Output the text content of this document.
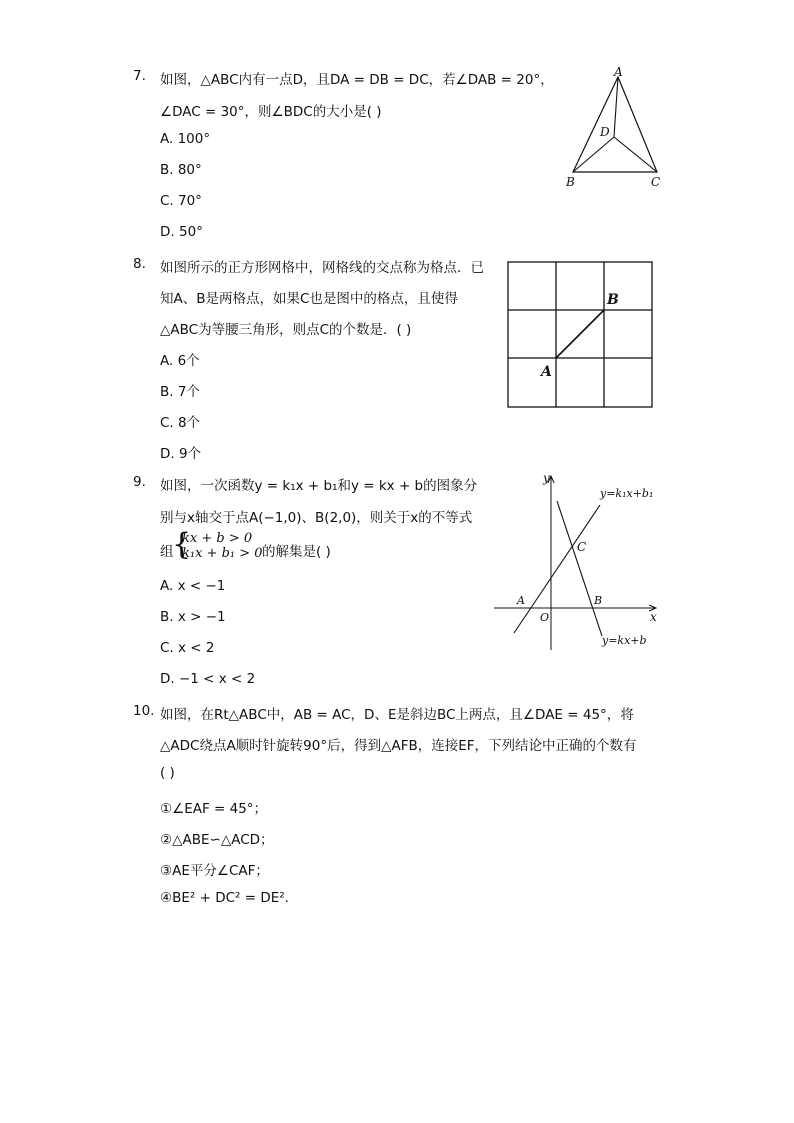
7. 如图，△ABC内有一点D，且DA = DB = DC，若∠DAB = 20°，
∠DAC = 30°，则∠BDC的大小是( )
A. 100°
B. 80°
C. 70°
D. 50°
A
D
B	C
8. 如图所示的正方形网格中，网格线的交点称为格点．已
知A、B是两格点，如果C也是图中的格点，且使得
△ABC为等腰三角形，则点C的个数是．( )
A. 6个
B. 7个
C. 8个
D. 9个
B
A
9. 如图，一次函数y = k₁x + b₁和y = kx + b的图象分
别与x轴交于点A(−1,0)、B(2,0)，则关于x的不等式
组
{
kx + b > 0
k₁x + b₁ > 0 的解集是( )
A. x < −1
B. x > −1
C. x < 2
D. −1 < x < 2
y
x
O
A	B
C
y=k₁x+b₁
y=kx+b
10. 如图，在Rt△ABC中，AB = AC，D、E是斜边BC上两点，且∠DAE = 45°，将
△ADC绕点A顺时针旋转90°后，得到△AFB，连接EF，下列结论中正确的个数有
( )
①∠EAF = 45°；
②△ABE∽△ACD；
③AE平分∠CAF；
④BE² + DC² = DE².
